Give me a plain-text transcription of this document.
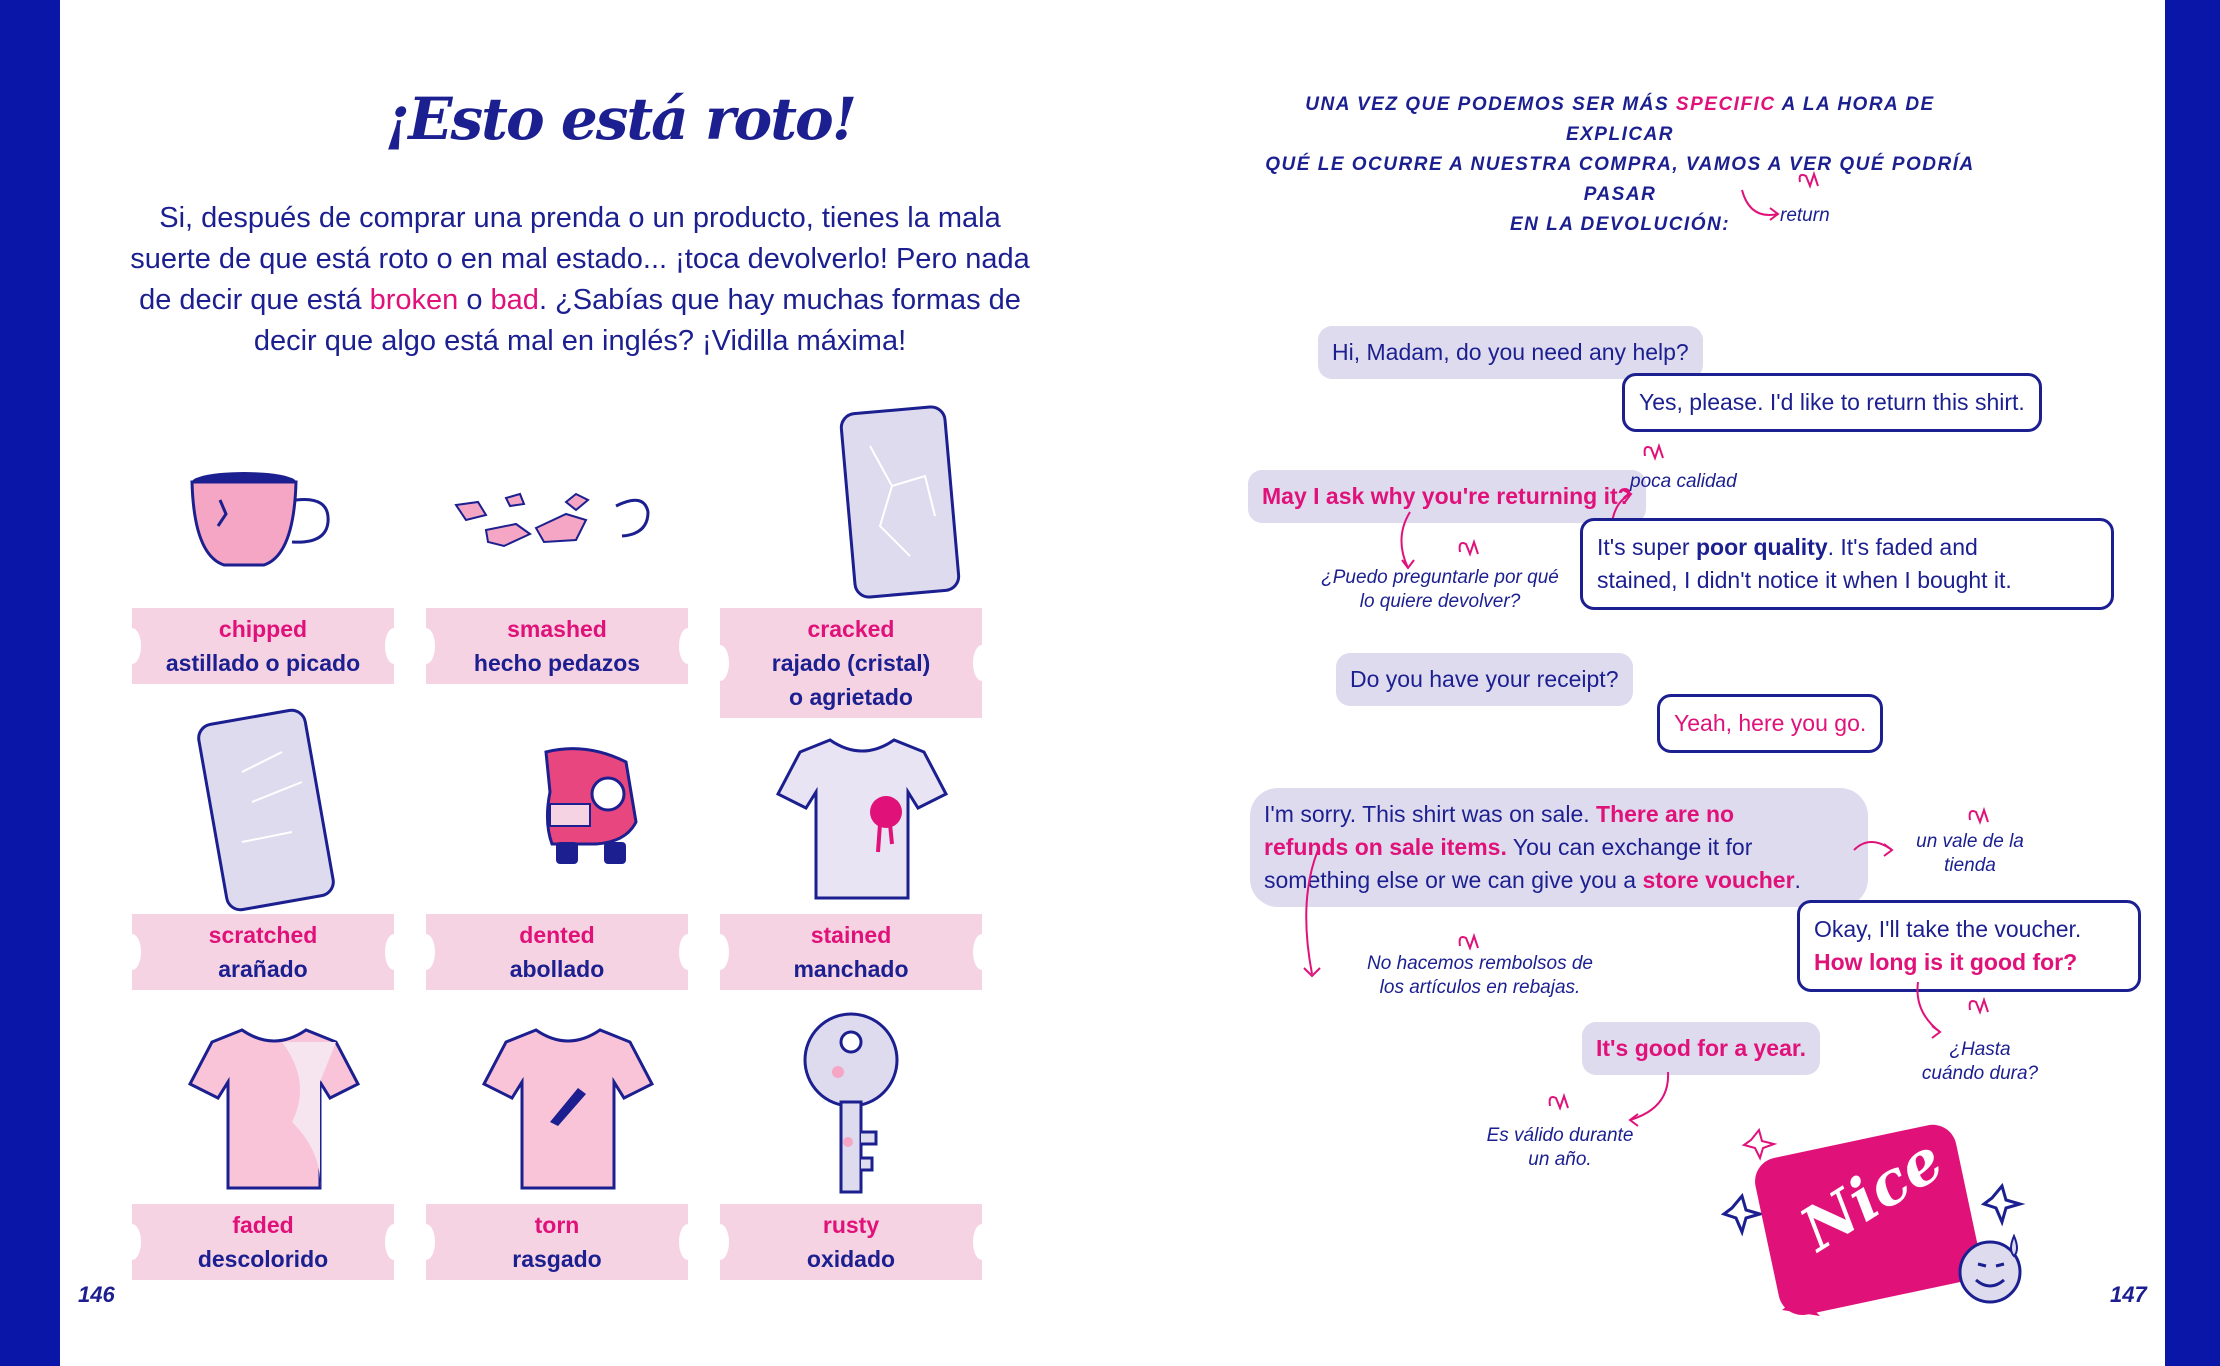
¡Esto está roto!
Si, después de comprar una prenda o un producto, tienes la mala suerte de que está roto o en mal estado... ¡toca devolverlo! Pero nada de decir que está broken o bad. ¿Sabías que hay muchas formas de decir que algo está mal en inglés? ¡Vidilla máxima!
chipped
astillado o picado
smashed
hecho pedazos
cracked
rajado (cristal)
o agrietado
scratched
arañado
dented
abollado
stained
manchado
faded
descolorido
torn
rasgado
rusty
oxidado
146
UNA VEZ QUE PODEMOS SER MÁS SPECIFIC A LA HORA DE EXPLICAR
QUÉ LE OCURRE A NUESTRA COMPRA, VAMOS A VER QUÉ PODRÍA PASAR
EN LA DEVOLUCIÓN:	return
Hi, Madam, do you need any help?
Yes, please. I'd like to return this shirt.
May I ask why you're returning it?
poca calidad
It's super poor quality. It's faded and
stained, I didn't notice it when I bought it.
¿Puedo preguntarle por qué
lo quiere devolver?
Do you have your receipt?
Yeah, here you go.
I'm sorry. This shirt was on sale. There are no
refunds on sale items. You can exchange it for
something else or we can give you a store voucher.
un vale de la
tienda
Okay, I'll take the voucher.
How long is it good for?
No hacemos rembolsos de
los artículos en rebajas.
¿Hasta
cuándo dura?
It's good for a year.
Es válido durante
un año.	Nice
147
